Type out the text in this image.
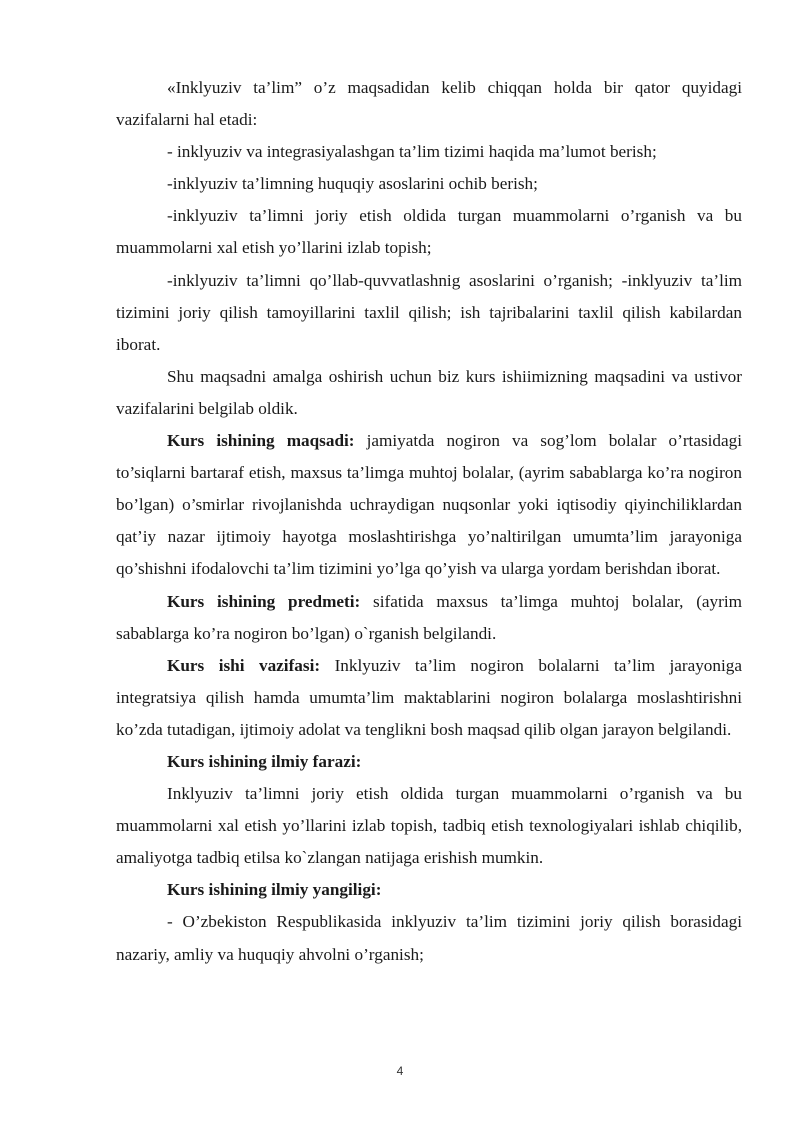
«Inklyuziv ta’lim” o’z maqsadidan kelib chiqqan holda bir qatоr quyidagi vazifalarni hal etadi:

- inklyuziv va integrasiyalashgan ta’lim tizimi haqida ma’lumot berish;

-inklyuziv ta’limning huquqiy asoslarini ochib berish;

-inklyuziv ta’limni joriy etish oldida turgan muammolarni o’rganish va bu muammolarni xal etish yo’llarini izlab topish;

-inklyuziv ta’limni qo’llab-quvvatlashnig asoslarini o’rganish; -inklyuziv ta’lim tizimini joriy qilish tamoyillarini taxlil qilish; ish tajribalarini taxlil qilish kabilardan iborat.

Shu maqsadni amalga oshirish uchun biz kurs ishiimizning maqsadini va ustivor vazifalarini belgilab oldik.

Kurs ishining maqsadi: jamiyatda nogiron va sog’lom bolalar o’rtasidagi to’siqlarni bartaraf etish, maxsus ta’limga muhtoj bolalar, (ayrim sabablarga ko’ra nogiron bo’lgan) o’smirlar rivojlanishda uchraydigan nuqsonlar yoki iqtisodiy qiyinchiliklardan qat’iy nazar ijtimoiy hayotga moslashtirishga yo’naltirilgan umumta’lim jarayoniga qo’shishni ifodalovchi ta’lim tizimini yo’lga qo’yish va ularga yordam berishdan iborat.

Kurs ishining predmeti: sifatida maxsus ta’limga muhtoj bolalar, (ayrim sabablarga ko’ra nogiron bo’lgan) o`rganish belgilandi.

Kurs ishi vazifasi: Inklyuziv ta’lim nogiron bolalarni ta’lim jarayoniga integratsiya qilish hamda umumta’lim maktablarini nogiron bolalarga moslashtirishni ko’zda tutadigan, ijtimoiy adolat va tenglikni bosh maqsad qilib olgan jarayon belgilandi.

Kurs ishining ilmiy farazi:

Inklyuziv ta’limni joriy etish oldida turgan muammolarni o’rganish va bu muammolarni xal etish yo’llarini izlab topish, tadbiq etish texnologiyalari ishlab chiqilib, amaliyotga tadbiq etilsa ko`zlangan natijaga erishish mumkin.

Kurs ishining ilmiy yangiligi:

- O’zbekiston Respublikasida inklyuziv ta’lim tizimini joriy qilish borasidagi nazariy, amliy va huquqiy ahvolni o’rganish;

4
